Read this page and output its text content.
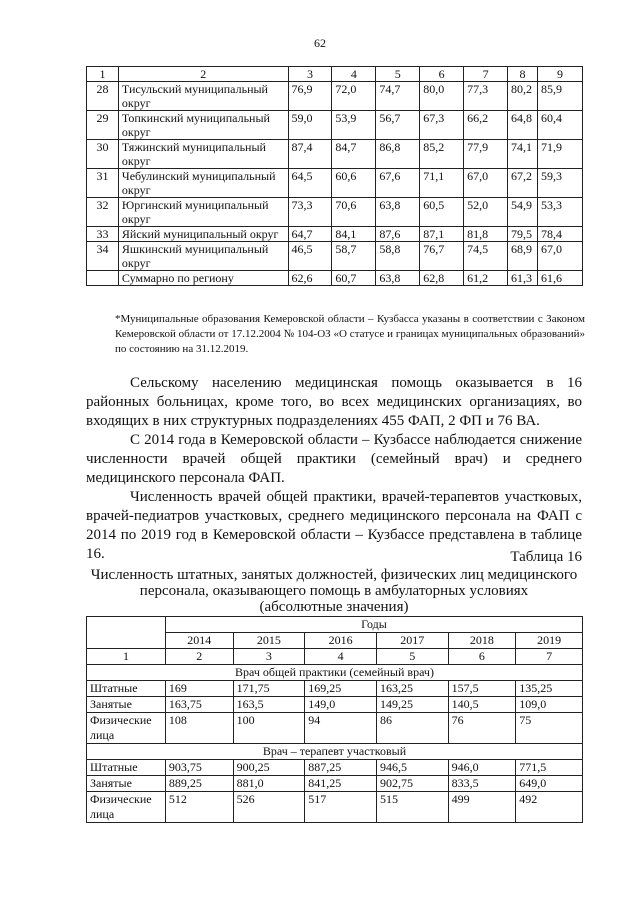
62
1	2	3	4	5	6	7	8	9
28	Тисульский муниципальный округ	76,9	72,0	74,7	80,0	77,3	80,2	85,9
29	Топкинский муниципальный округ	59,0	53,9	56,7	67,3	66,2	64,8	60,4
30	Тяжинский муниципальный округ	87,4	84,7	86,8	85,2	77,9	74,1	71,9
31	Чебулинский муниципальный округ	64,5	60,6	67,6	71,1	67,0	67,2	59,3
32	Юргинский муниципальный округ	73,3	70,6	63,8	60,5	52,0	54,9	53,3
33	Яйский муниципальный округ	64,7	84,1	87,6	87,1	81,8	79,5	78,4
34	Яшкинский муниципальный округ	46,5	58,7	58,8	76,7	74,5	68,9	67,0
	Суммарно по региону	62,6	60,7	63,8	62,8	61,2	61,3	61,6

*Муниципальные образования Кемеровской области – Кузбасса указаны в соответствии с Законом Кемеровской области от 17.12.2004 № 104-ОЗ «О статусе и границах муниципальных образований» по состоянию на 31.12.2019.

Сельскому населению медицинская помощь оказывается в 16 районных больницах, кроме того, во всех медицинских организациях, во входящих в них структурных подразделениях 455 ФАП, 2 ФП и 76 ВА.

С 2014 года в Кемеровской области – Кузбассе наблюдается снижение численности врачей общей практики (семейный врач) и среднего медицинского персонала ФАП.

Численность врачей общей практики, врачей-терапевтов участковых, врачей-педиатров участковых, среднего медицинского персонала на ФАП с 2014 по 2019 год в Кемеровской области – Кузбассе представлена в таблице 16.	Таблица 16

Численность штатных, занятых должностей, физических лиц медицинского

персонала, оказывающего помощь в амбулаторных условиях

(абсолютные значения)

	Годы					
	2014	2015	2016	2017	2018	2019
1	2	3	4	5	6	7
Врач общей практики (семейный врач)						
Штатные	169	171,75	169,25	163,25	157,5	135,25
Занятые	163,75	163,5	149,0	149,25	140,5	109,0
Физические лица	108	100	94	86	76	75
Врач – терапевт участковый						
Штатные	903,75	900,25	887,25	946,5	946,0	771,5
Занятые	889,25	881,0	841,25	902,75	833,5	649,0
Физические лица	512	526	517	515	499	492
